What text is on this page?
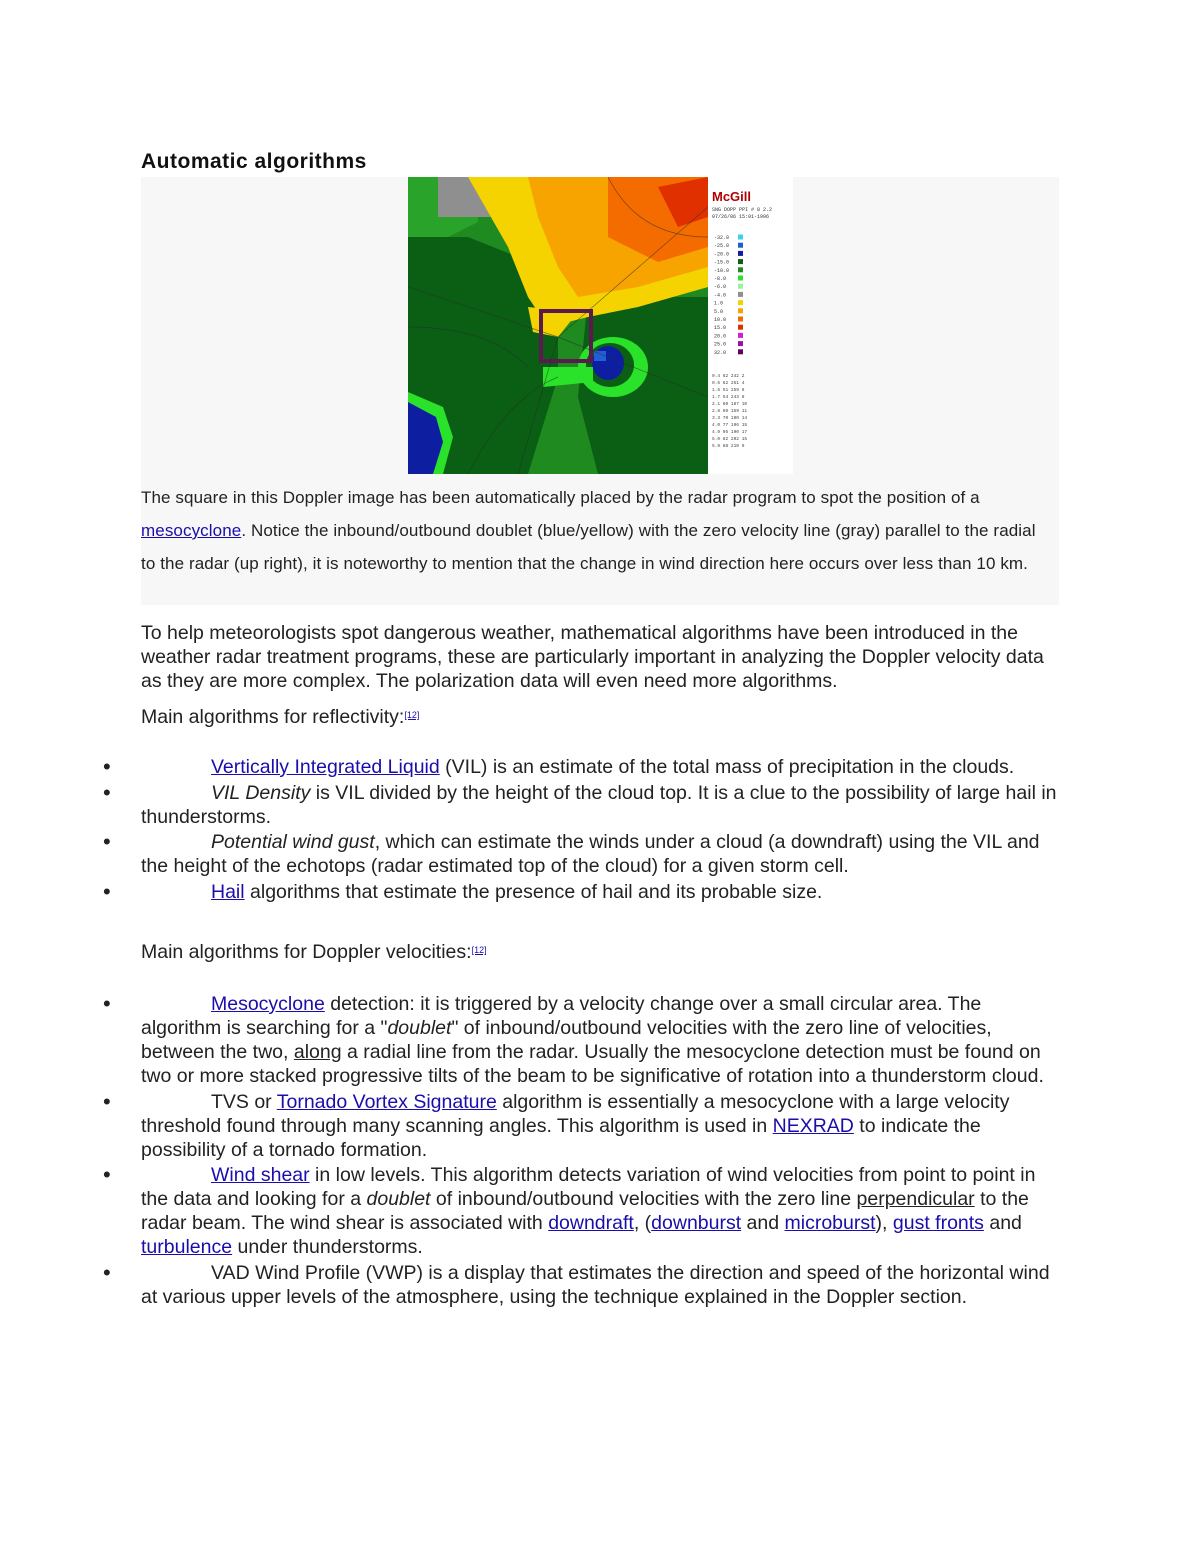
Automatic algorithms
McGill
SNG DOPP PPI # 8 2.2
07/26/86 15:01-1996
-32.0
-25.0
-20.0
-15.0
-10.0
-8.0
-6.0
-4.0
1.0
5.0
10.0
15.0
20.0
25.0
32.0
0.4 62 242 2
0.5 62 251 4
1.5 51 259 6
1.7 54 243 8
2.1 60 187 10
2.8 60 159 11
3.3 70 190 14
4.0 77 196 15
4.9 95 190 17
5.0 82 202 15
5.9 88 210 9
The square in this Doppler image has been automatically placed by the radar program to spot the position of a mesocyclone. Notice the inbound/outbound doublet (blue/yellow) with the zero velocity line (gray) parallel to the radial to the radar (up right), it is noteworthy to mention that the change in wind direction here occurs over less than 10 km.
To help meteorologists spot dangerous weather, mathematical algorithms have been introduced in the weather radar treatment programs, these are particularly important in analyzing the Doppler velocity data as they are more complex. The polarization data will even need more algorithms.
Main algorithms for reflectivity:[12]
• Vertically Integrated Liquid (VIL) is an estimate of the total mass of precipitation in the clouds.
• VIL Density is VIL divided by the height of the cloud top. It is a clue to the possibility of large hail in thunderstorms.
• Potential wind gust, which can estimate the winds under a cloud (a downdraft) using the VIL and the height of the echotops (radar estimated top of the cloud) for a given storm cell.
• Hail algorithms that estimate the presence of hail and its probable size.
Main algorithms for Doppler velocities:[12]
• Mesocyclone detection: it is triggered by a velocity change over a small circular area. The algorithm is searching for a "doublet" of inbound/outbound velocities with the zero line of velocities, between the two, along a radial line from the radar. Usually the mesocyclone detection must be found on two or more stacked progressive tilts of the beam to be significative of rotation into a thunderstorm cloud.
• TVS or Tornado Vortex Signature algorithm is essentially a mesocyclone with a large velocity threshold found through many scanning angles. This algorithm is used in NEXRAD to indicate the possibility of a tornado formation.
• Wind shear in low levels. This algorithm detects variation of wind velocities from point to point in the data and looking for a doublet of inbound/outbound velocities with the zero line perpendicular to the radar beam. The wind shear is associated with downdraft, (downburst and microburst), gust fronts and turbulence under thunderstorms.
• VAD Wind Profile (VWP) is a display that estimates the direction and speed of the horizontal wind at various upper levels of the atmosphere, using the technique explained in the Doppler section.
